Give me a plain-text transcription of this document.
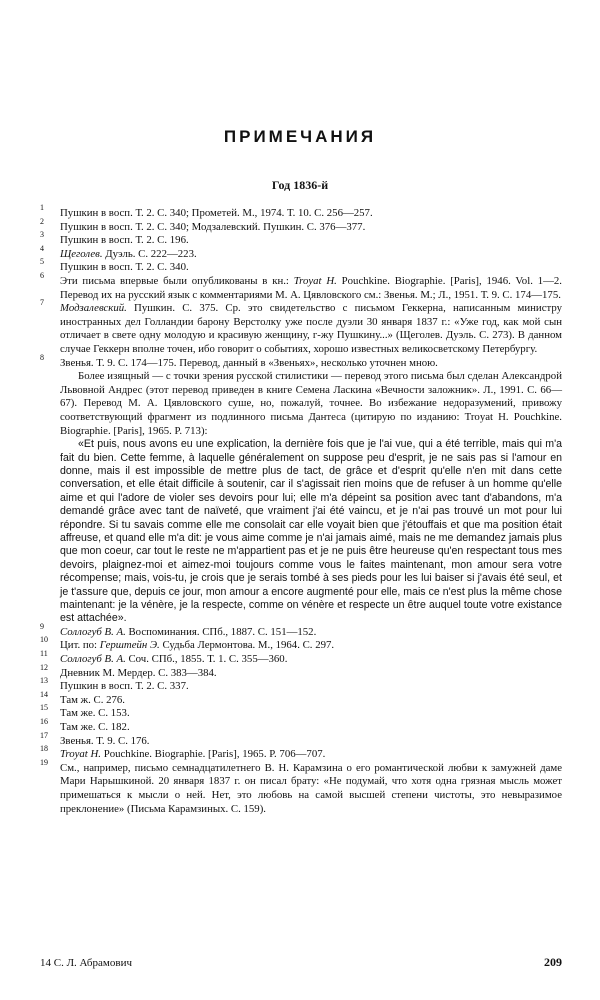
ПРИМЕЧАНИЯ
Год 1836-й
1 Пушкин в восп. Т. 2. С. 340; Прометей. М., 1974. Т. 10. С. 256—257.
2 Пушкин в восп. Т. 2. С. 340; Модзалевский. Пушкин. С. 376—377.
3 Пушкин в восп. Т. 2. С. 196.
4 Щеголев. Дуэль. С. 222—223.
5 Пушкин в восп. Т. 2. С. 340.
6 Эти письма впервые были опубликованы в кн.: Troyat H. Pouchkine. Biographie. [Paris], 1946. Vol. 1—2. Перевод их на русский язык с комментариями М. А. Цявловского см.: Звенья. М.; Л., 1951. Т. 9. С. 174—175.
7 Модзалевский. Пушкин. С. 375. Ср. это свидетельство с письмом Геккерна, написанным министру иностранных дел Голландии барону Верстолку уже после дуэли 30 января 1837 г.: «Уже год, как мой сын отличает в свете одну молодую и красивую женщину, г-жу Пушкину...» (Щеголев. Дуэль. С. 273). В данном случае Геккерн вполне точен, ибо говорит о событиях, хорошо известных великосветскому Петербургу.
8 Звенья. Т. 9. С. 174—175. Перевод, данный в «Звеньях», несколько уточнен мною.
Более изящный — с точки зрения русской стилистики — перевод этого письма был сделан Александрой Львовной Андрес (этот перевод приведен в книге Семена Ласкина «Вечности заложник». Л., 1991. С. 66—67). Перевод М. А. Цявловского суше, но, пожалуй, точнее. Во избежание недоразумений, привожу соответствующий фрагмент из подлинного письма Дантеса (цитирую по изданию: Troyat H. Pouchkine. Biographie. [Paris], 1965. P. 713):
«Et puis, nous avons eu une explication, la dernière fois que je l'ai vue, qui a été terrible, mais qui m'a fait du bien. Cette femme, à laquelle généralement on suppose peu d'esprit, je ne sais pas si l'amour en donne, mais il est impossible de mettre plus de tact, de grâce et d'esprit qu'elle n'en mit dans cette conversation, et elle était difficile à soutenir, car il s'agissait rien moins que de refuser à un homme qu'elle aime et qui l'adore de violer ses devoirs pour lui; elle m'a dépeint sa position avec tant d'abandons, m'a demandé grâce avec tant de naïveté, que vraiment j'ai été vaincu, et je n'ai pas trouvé un mot pour lui répondre. Si tu savais comme elle me consolait car elle voyait bien que j'étouffais et que ma position était affreuse, et quand elle m'a dit: je vous aime comme je n'ai jamais aimé, mais ne me demandez jamais plus que mon coeur, car tout le reste ne m'appartient pas et je ne puis être heureuse qu'en respectant tous mes devoirs, plaignez-moi et aimez-moi toujours comme vous le faites maintenant, mon amour sera votre récompense; mais, vois-tu, je crois que je serais tombé à ses pieds pour les lui baiser si j'avais été seul, et je t'assure que, depuis ce jour, mon amour a encore augmenté pour elle, mais ce n'est plus la même chose maintenant: je la vénère, je la respecte, comme on vénère et respecte un être auquel toute votre existance est attachée».
9 Соллогуб В. А. Воспоминания. СПб., 1887. С. 151—152.
10 Цит. по: Герштейн Э. Судьба Лермонтова. М., 1964. С. 297.
11 Соллогуб В. А. Соч. СПб., 1855. Т. 1. С. 355—360.
12 Дневник М. Мердер. С. 383—384.
13 Пушкин в восп. Т. 2. С. 337.
14 Там ж. С. 276.
15 Там же. С. 153.
16 Там же. С. 182.
17 Звенья. Т. 9. С. 176.
18 Troyat H. Pouchkine. Biographie. [Paris], 1965. P. 706—707.
19 См., например, письмо семнадцатилетнего В. Н. Карамзина о его романтической любви к замужней даме Мари Нарышкиной. 20 января 1837 г. он писал брату: «Не подумай, что хотя одна грязная мысль может примешаться к мысли о ней. Нет, это любовь на самой высшей степени чистоты, это невыразимое преклонение» (Письма Карамзиных. С. 159).
14 С. Л. Абрамович	209
